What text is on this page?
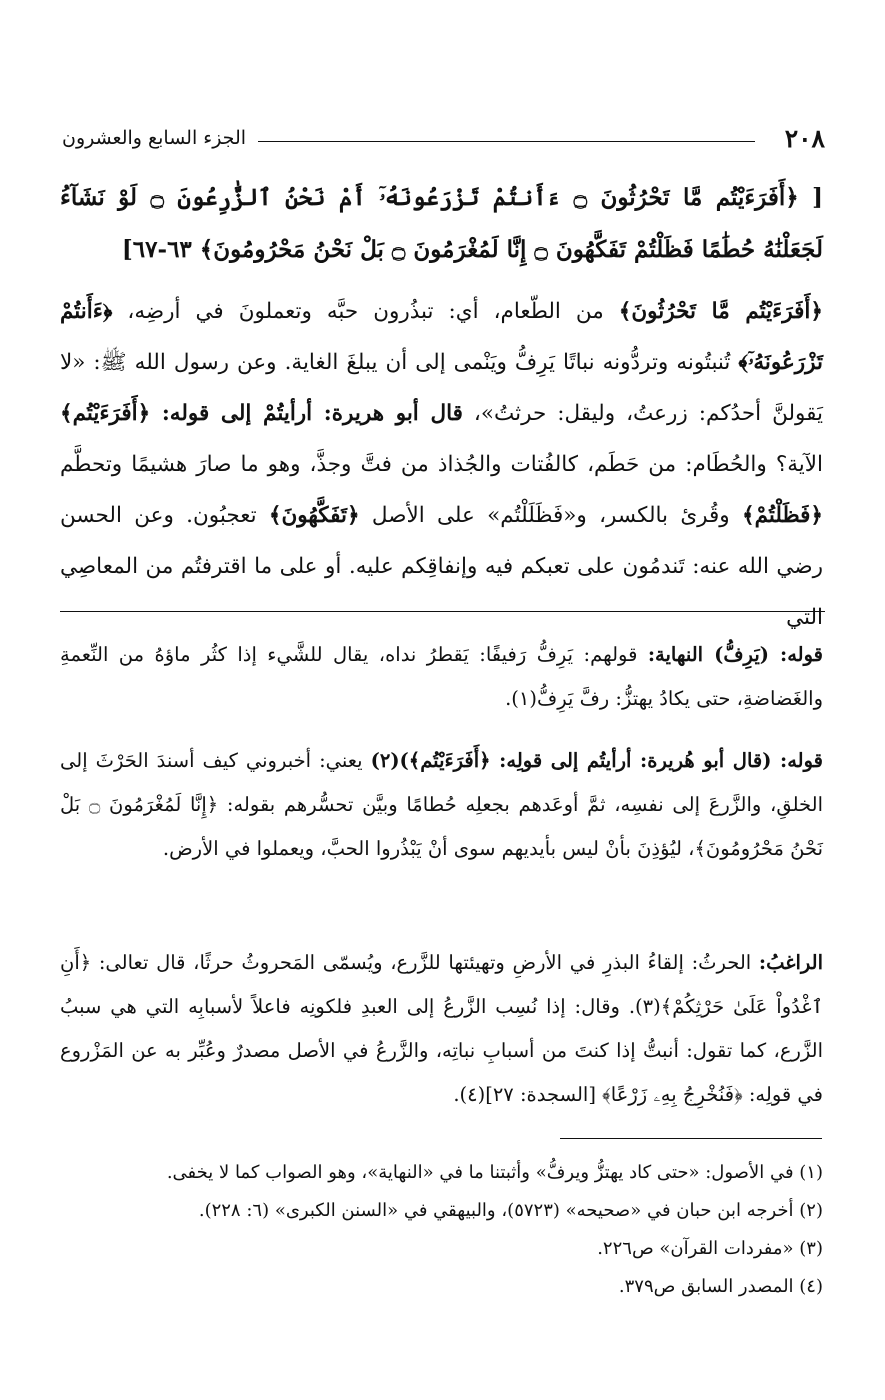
٢٠٨
الجزء السابع والعشرون
[ ﴿أَفَرَءَيْتُم مَّا تَحْرُثُونَ ۝ ءَأَنتُمْ تَزْرَعُونَهُۥٓ أَمْ نَحْنُ ٱلزَّٰرِعُونَ ۝ لَوْ نَشَآءُ لَجَعَلْنَٰهُ حُطَٰمًا فَظَلْتُمْ تَفَكَّهُونَ ۝ إِنَّا لَمُغْرَمُونَ ۝ بَلْ نَحْنُ مَحْرُومُونَ﴾ ٦٣-٦٧]
﴿أَفَرَءَيْتُم مَّا تَحْرُثُونَ﴾ من الطّعام، أي: تبذُرون حبَّه وتعملونَ في أرضِه، ﴿ءَأَنتُمْ تَزْرَعُونَهُۥٓ﴾ تُنبتُونه وتردُّونه نباتًا يَرِفُّ ويَنْمى إلى أن يبلغَ الغاية. وعن رسول الله ﷺ: «لا يَقولنَّ أحدُكم: زرعتُ، وليقل: حرثتُ»، قال أبو هريرة: أرأيتُمْ إلى قوله: ﴿أَفَرَءَيْتُم﴾ الآية؟ والحُطَام: من حَطَم، كالفُتات والجُذاذ من فتَّ وجذَّ، وهو ما صارَ هشيمًا وتحطَّم ﴿فَظَلْتُمْ﴾ وقُرئ بالكسر، و«فَظَلَلْتُم» على الأصل ﴿تَفَكَّهُونَ﴾ تعجبُون. وعن الحسن رضي الله عنه: تَندمُون على تعبكم فيه وإنفاقِكم عليه. أو على ما اقترفتُم من المعاصِي التي
قوله: (يَرِفُّ) النهاية: قولهم: يَرِفُّ رَفيفًا: يَقطرُ نداه، يقال للشَّيء إذا كثُر ماؤهُ من النِّعمةِ والغَضاضةِ، حتى يكادُ يهتزُّ: رفَّ يَرِفُّ(١).
قوله: (قال أبو هُريرة: أرأيتُم إلى قولِه: ﴿أَفَرَءَيْتُم﴾)(٢) يعني: أخبروني كيف أسندَ الحَرْثَ إلى الخلقِ، والزَّرعَ إلى نفسِه، ثمَّ أوعَدهم بجعلِه حُطامًا وبيَّن تحسُّرهم بقوله: ﴿إِنَّا لَمُغْرَمُونَ ۝ بَلْ نَحْنُ مَحْرُومُونَ﴾، ليُؤذِنَ بأنْ ليس بأيديهم سوى أنْ يَبْذُروا الحبَّ، ويعملوا في الأرض.
الراغبُ: الحرثُ: إلقاءُ البذرِ في الأرضِ وتهيئتها للزَّرع، ويُسمّى المَحروثُ حرثًا، قال تعالى: ﴿أَنِ ٱغْدُواْ عَلَىٰ حَرْثِكُمْ﴾(٣). وقال: إذا نُسِب الزَّرعُ إلى العبدِ فلكونِه فاعلاً لأسبابِه التي هي سببُ الزَّرع، كما تقول: أنبتُّ إذا كنتَ من أسبابِ نباتِه، والزَّرعُ في الأصل مصدرٌ وعُبِّر به عن المَزْروع في قولِه: ﴿فَنُخْرِجُ بِهِۦ زَرْعًا﴾ [السجدة: ٢٧](٤).

(١) في الأصول: «حتى كاد يهتزُّ ويرفُّ» وأثبتنا ما في «النهاية»، وهو الصواب كما لا يخفى.

(٢) أخرجه ابن حبان في «صحيحه» (٥٧٢٣)، والبيهقي في «السنن الكبرى» (٦: ٢٢٨).

(٣) «مفردات القرآن» ص٢٢٦.

(٤) المصدر السابق ص٣٧٩.
